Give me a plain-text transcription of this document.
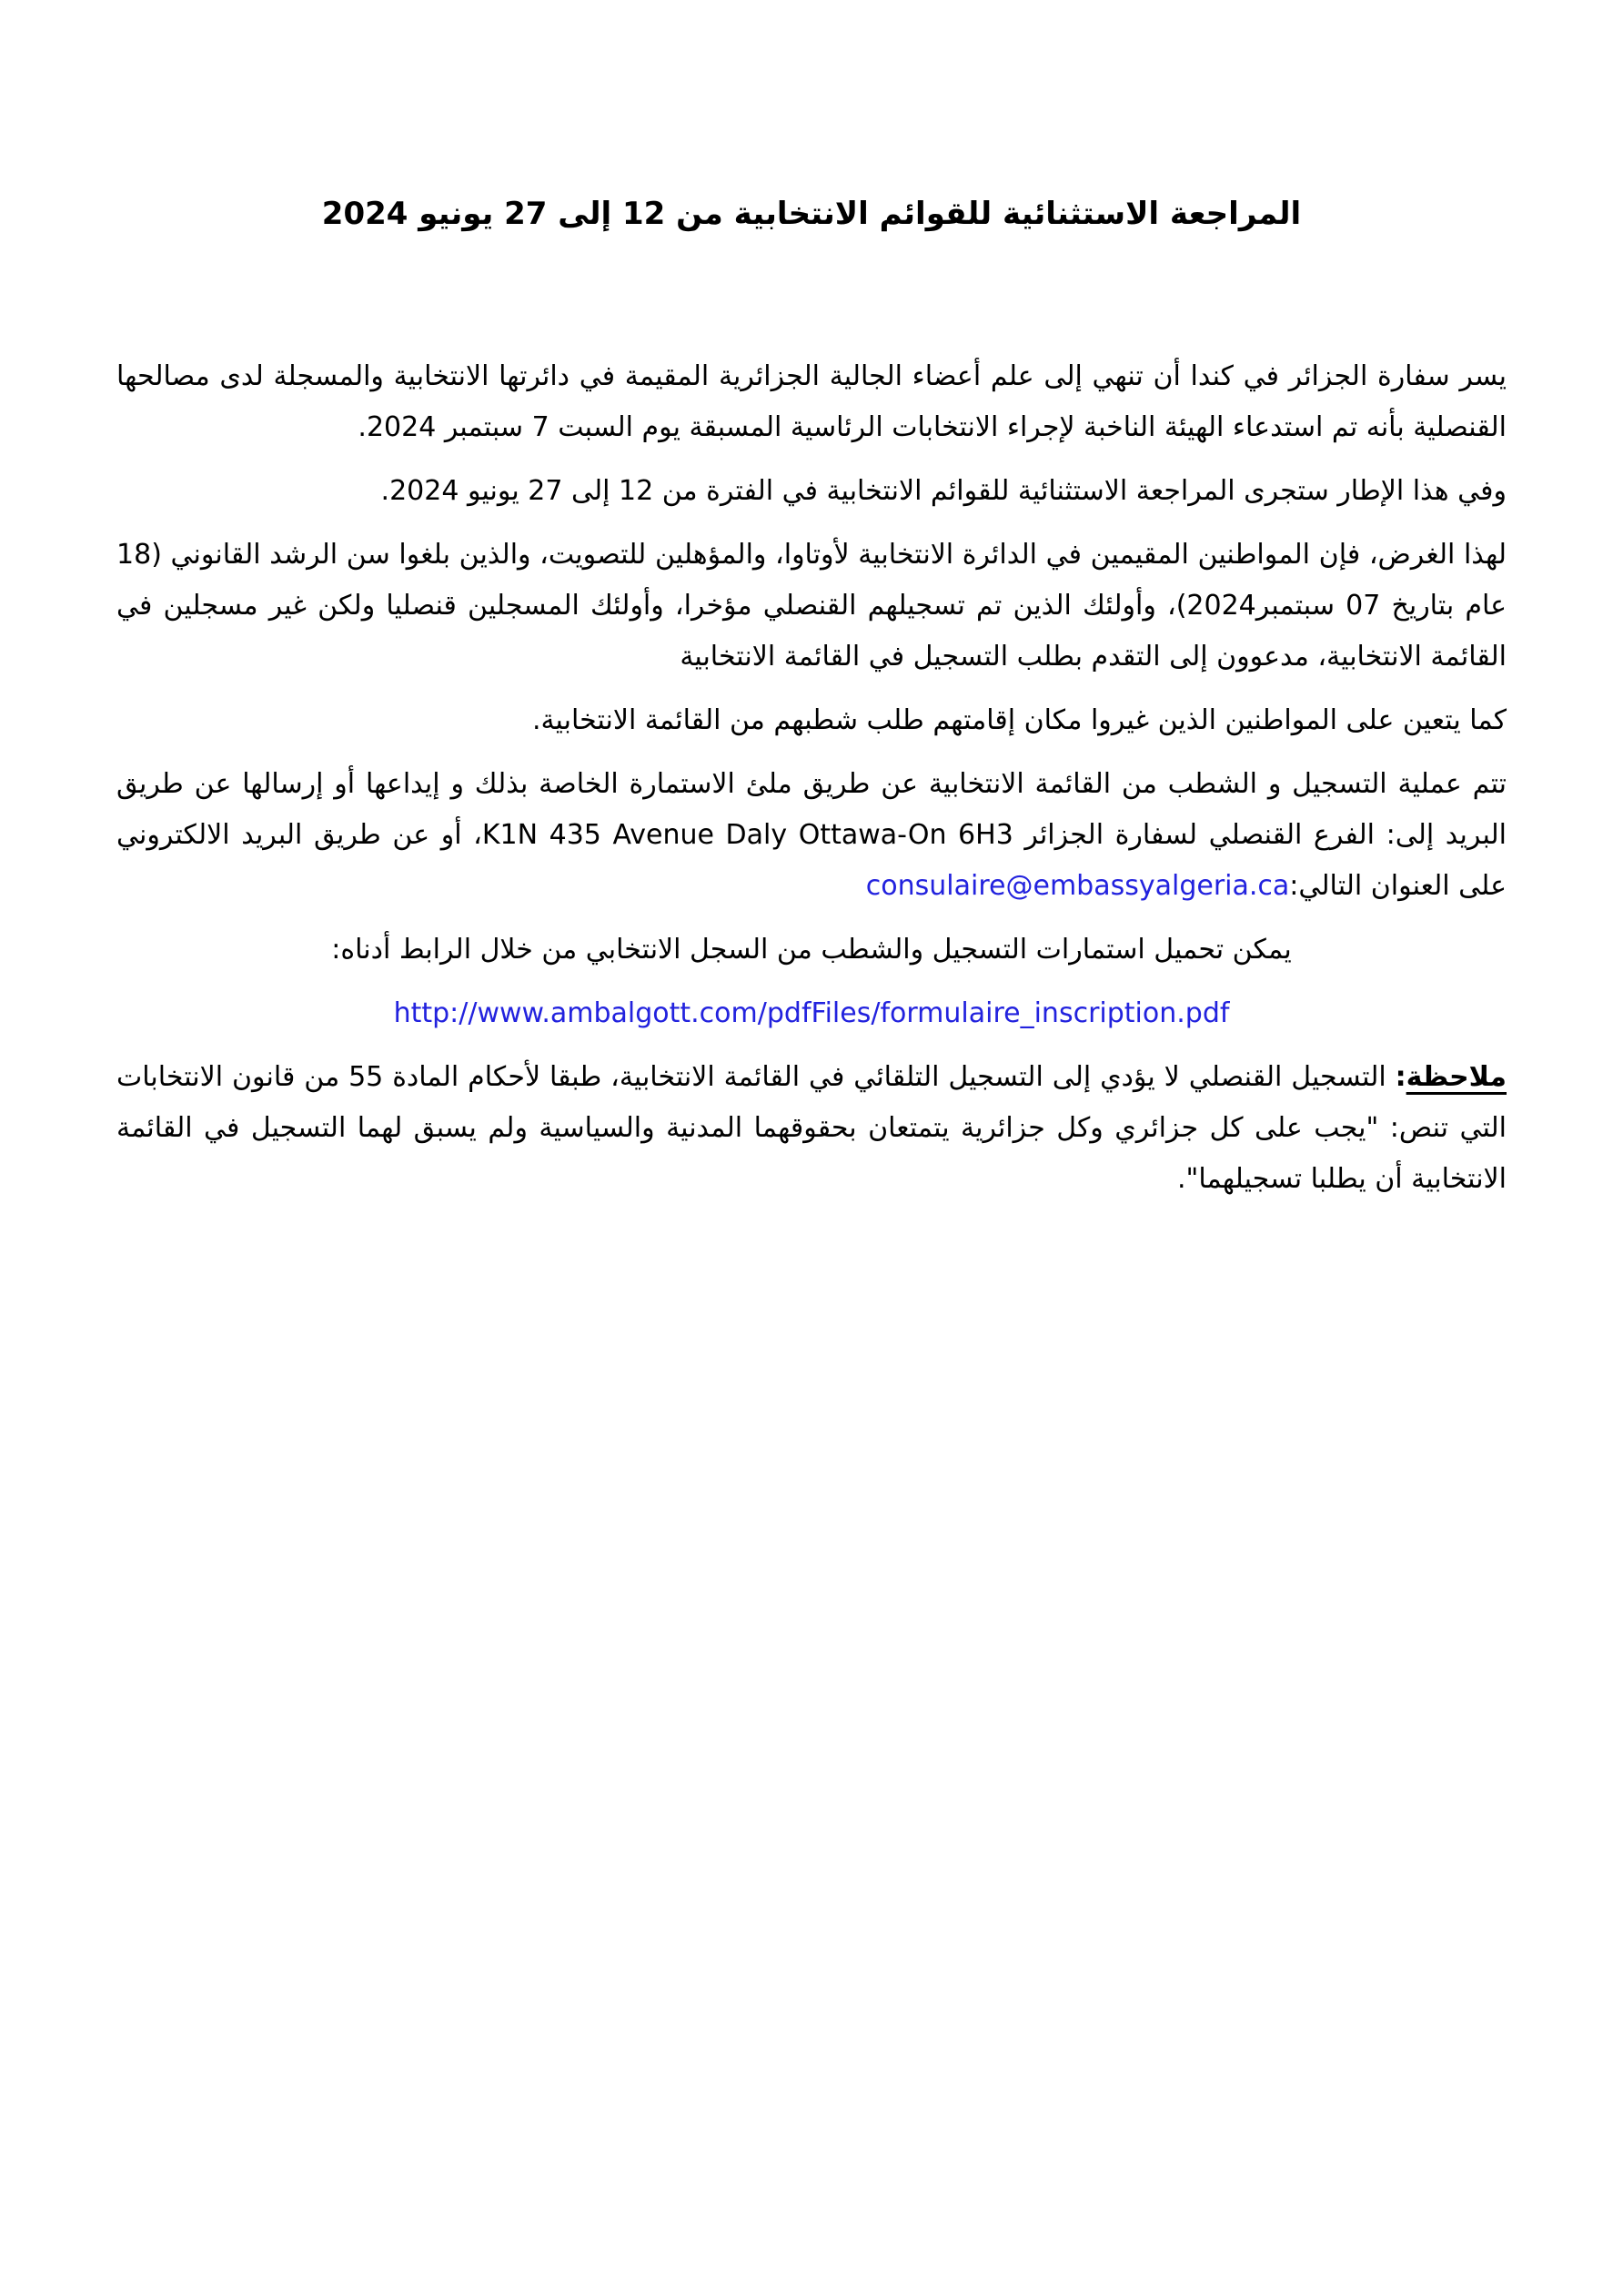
المراجعة الاستثنائية للقوائم الانتخابية من 12 إلى 27 يونيو 2024

يسر سفارة الجزائر في كندا أن تنهي إلى علم أعضاء الجالية الجزائرية المقيمة في دائرتها الانتخابية والمسجلة لدى مصالحها القنصلية بأنه تم استدعاء الهيئة الناخبة لإجراء الانتخابات الرئاسية المسبقة يوم السبت 7 سبتمبر 2024.

وفي هذا الإطار ستجرى المراجعة الاستثنائية للقوائم الانتخابية في الفترة من 12 إلى 27 يونيو 2024.

لهذا الغرض، فإن المواطنين المقيمين في الدائرة الانتخابية لأوتاوا، والمؤهلين للتصويت، والذين بلغوا سن الرشد القانوني (18 عام بتاريخ 07 سبتمبر2024)، وأولئك الذين تم تسجيلهم القنصلي مؤخرا، وأولئك المسجلين قنصليا ولكن غير مسجلين في القائمة الانتخابية، مدعوون إلى التقدم بطلب التسجيل في القائمة الانتخابية

كما يتعين على المواطنين الذين غيروا مكان إقامتهم طلب شطبهم من القائمة الانتخابية.

تتم عملية التسجيل و الشطب من القائمة الانتخابية عن طريق ملئ الاستمارة الخاصة بذلك و إيداعها أو إرسالها عن طريق البريد إلى: الفرع القنصلي لسفارة الجزائر K1N 435 Avenue Daly Ottawa-On 6H3، أو عن طريق البريد الالكتروني على العنوان التالي:consulaire@embassyalgeria.ca

يمكن تحميل استمارات التسجيل والشطب من السجل الانتخابي من خلال الرابط أدناه:

http://www.ambalgott.com/pdfFiles/formulaire_inscription.pdf

ملاحظة: التسجيل القنصلي لا يؤدي إلى التسجيل التلقائي في القائمة الانتخابية، طبقا لأحكام المادة 55 من قانون الانتخابات التي تنص: "يجب على كل جزائري وكل جزائرية يتمتعان بحقوقهما المدنية والسياسية ولم يسبق لهما التسجيل في القائمة الانتخابية أن يطلبا تسجيلهما".
